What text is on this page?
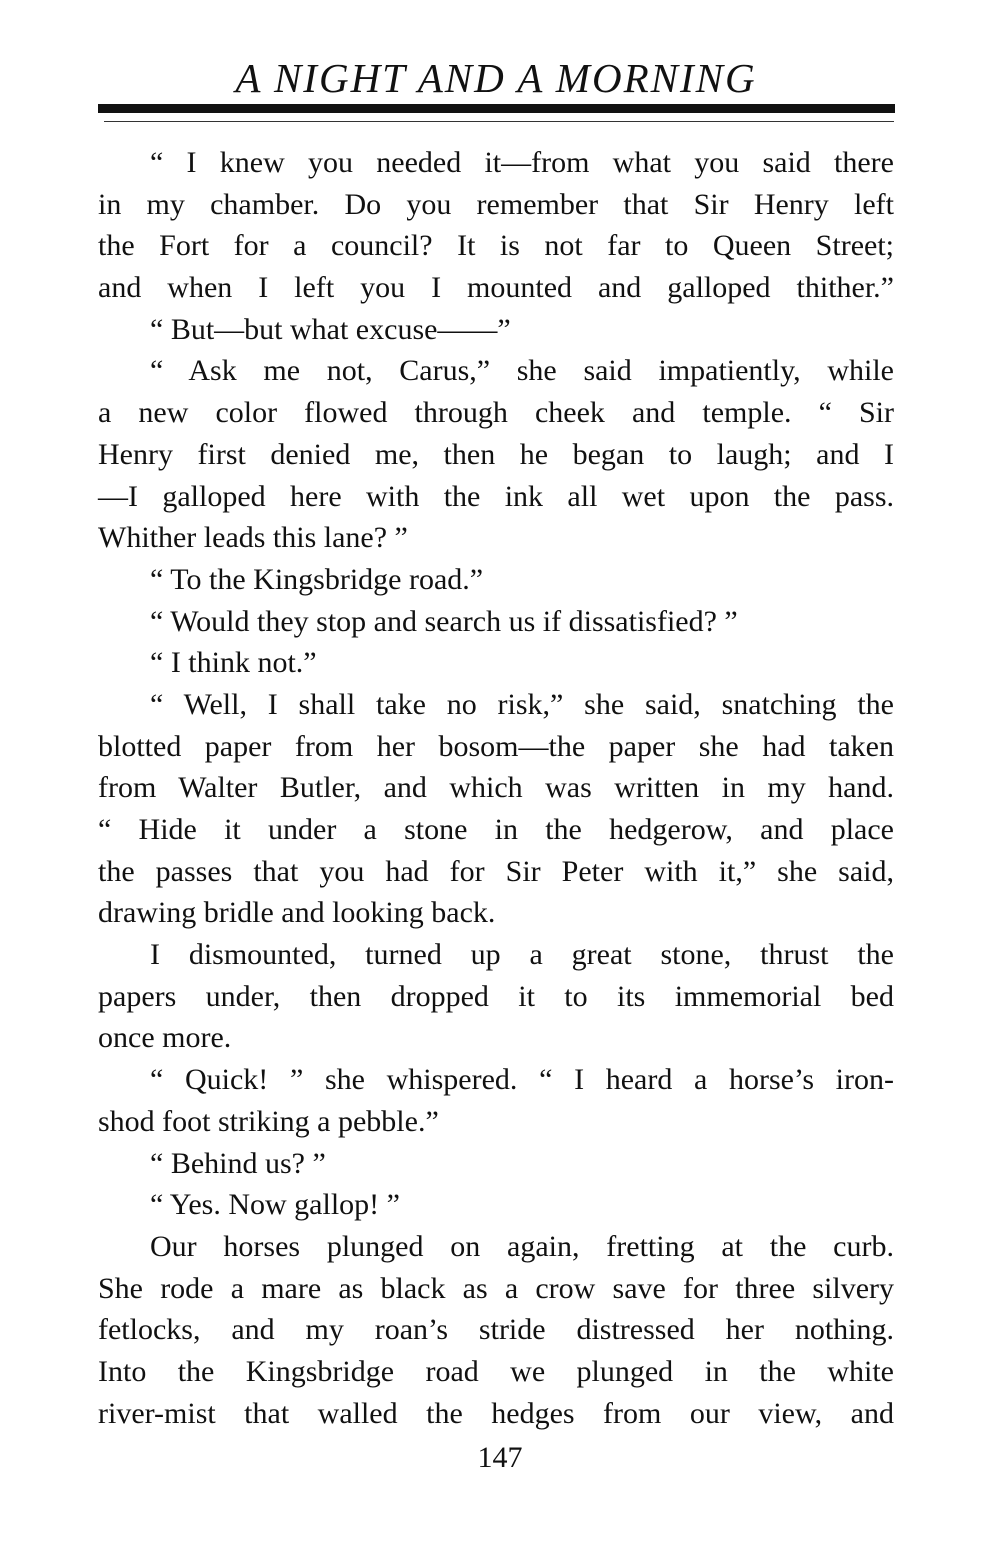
A NIGHT AND A MORNING
“ I knew you needed it—from what you said there
in my chamber. Do you remember that Sir Henry left
the Fort for a council? It is not far to Queen Street;
and when I left you I mounted and galloped thither.”
“ But—but what excuse——”
“ Ask me not, Carus,” she said impatiently, while
a new color flowed through cheek and temple. “ Sir
Henry first denied me, then he began to laugh; and I
—I galloped here with the ink all wet upon the pass.
Whither leads this lane? ”
“ To the Kingsbridge road.”
“ Would they stop and search us if dissatisfied? ”
“ I think not.”
“ Well, I shall take no risk,” she said, snatching the
blotted paper from her bosom—the paper she had taken
from Walter Butler, and which was written in my hand.
“ Hide it under a stone in the hedgerow, and place
the passes that you had for Sir Peter with it,” she said,
drawing bridle and looking back.
I dismounted, turned up a great stone, thrust the
papers under, then dropped it to its immemorial bed
once more.
“ Quick! ” she whispered. “ I heard a horse’s iron-
shod foot striking a pebble.”
“ Behind us? ”
“ Yes. Now gallop! ”
Our horses plunged on again, fretting at the curb.
She rode a mare as black as a crow save for three silvery
fetlocks, and my roan’s stride distressed her nothing.
Into the Kingsbridge road we plunged in the white
river-mist that walled the hedges from our view, and
147
